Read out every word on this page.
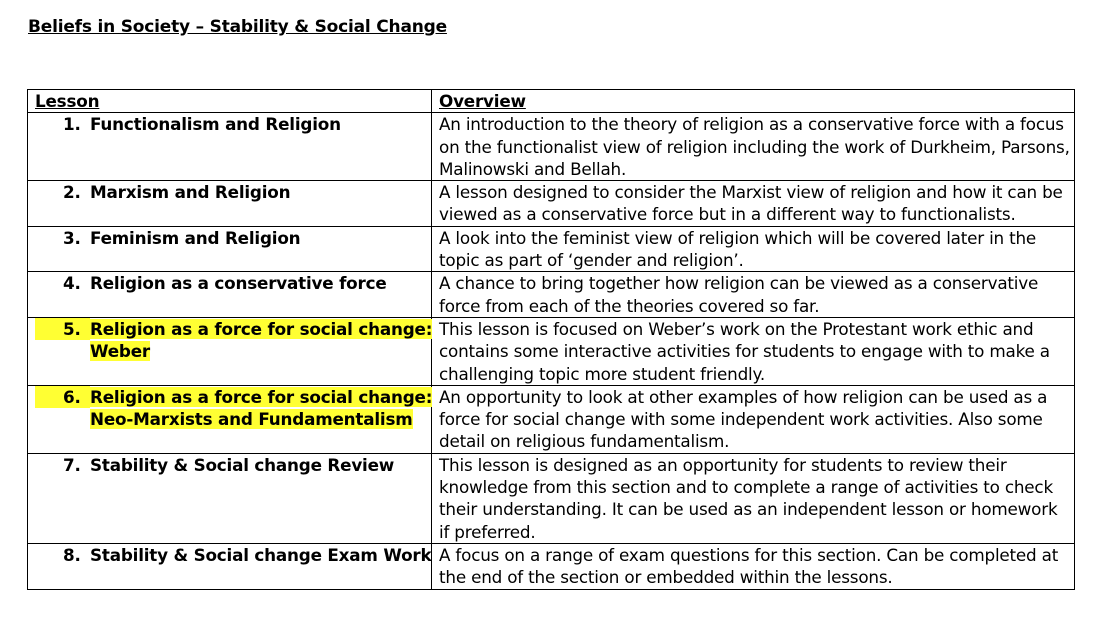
Beliefs in Society – Stability & Social Change
Lesson	Overview

1. Functionalism and Religion	An introduction to the theory of religion as a conservative force with a focus on the functionalist view of religion including the work of Durkheim, Parsons, Malinowski and Bellah.

2. Marxism and Religion	A lesson designed to consider the Marxist view of religion and how it can be viewed as a conservative force but in a different way to functionalists.

3. Feminism and Religion	A look into the feminist view of religion which will be covered later in the topic as part of ‘gender and religion’.

4. Religion as a conservative force	A chance to bring together how religion can be viewed as a conservative force from each of the theories covered so far.

5. Religion as a force for social change:
Weber	This lesson is focused on Weber’s work on the Protestant work ethic and contains some interactive activities for students to engage with to make a challenging topic more student friendly.

6. Religion as a force for social change:
Neo-Marxists and Fundamentalism	An opportunity to look at other examples of how religion can be used as a force for social change with some independent work activities. Also some detail on religious fundamentalism.

7. Stability & Social change Review	This lesson is designed as an opportunity for students to review their knowledge from this section and to complete a range of activities to check their understanding. It can be used as an independent lesson or homework if preferred.

8. Stability & Social change Exam Work	A focus on a range of exam questions for this section. Can be completed at the end of the section or embedded within the lessons.
